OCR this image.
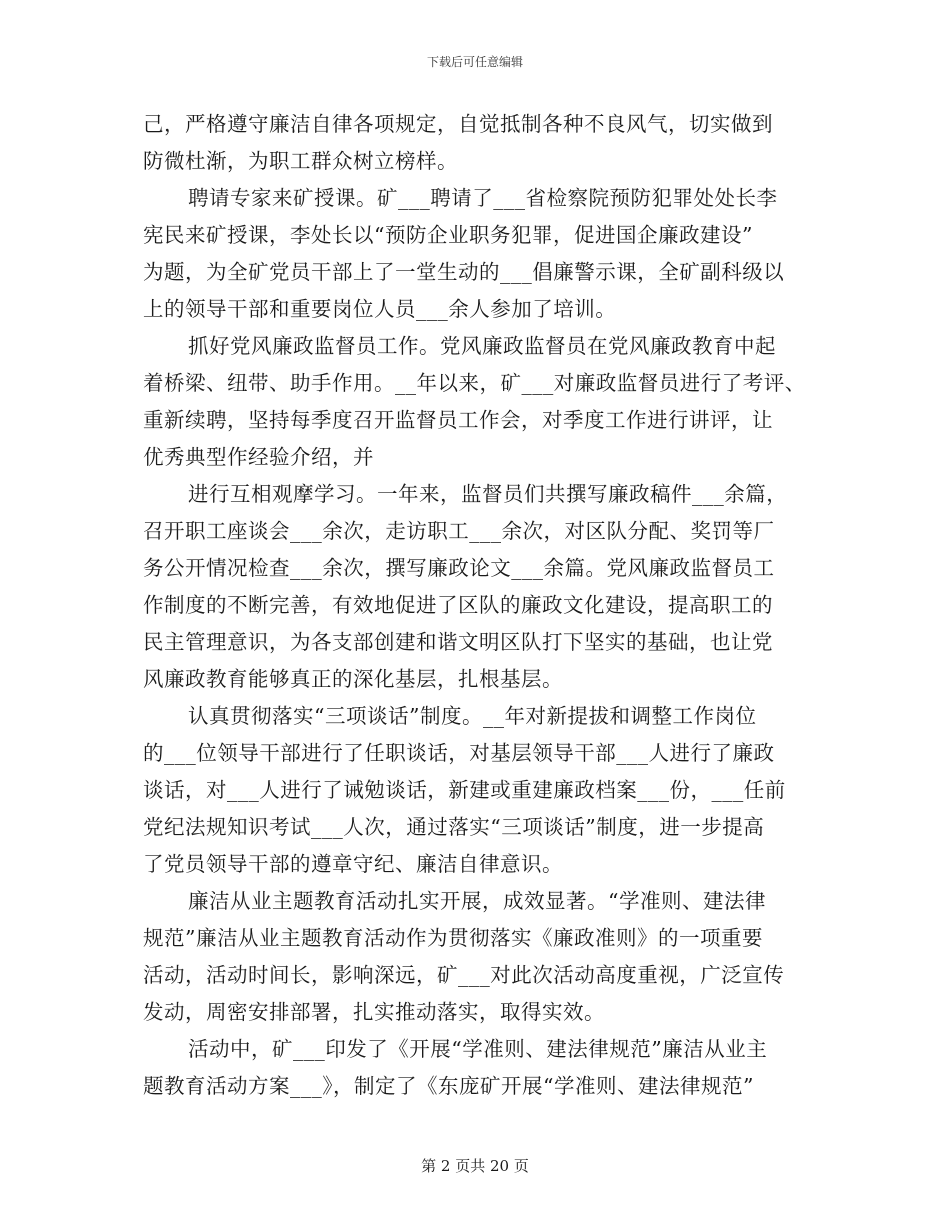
下载后可任意编辑
己，严格遵守廉洁自律各项规定，自觉抵制各种不良风气，切实做到
防微杜渐，为职工群众树立榜样。
聘请专家来矿授课。矿___聘请了___省检察院预防犯罪处处长李
宪民来矿授课，李处长以“预防企业职务犯罪，促进国企廉政建设”
为题，为全矿党员干部上了一堂生动的___倡廉警示课，全矿副科级以
上的领导干部和重要岗位人员___余人参加了培训。
抓好党风廉政监督员工作。党风廉政监督员在党风廉政教育中起
着桥梁、纽带、助手作用。__年以来，矿___对廉政监督员进行了考评、
重新续聘，坚持每季度召开监督员工作会，对季度工作进行讲评，让
优秀典型作经验介绍，并
进行互相观摩学习。一年来，监督员们共撰写廉政稿件___余篇，
召开职工座谈会___余次，走访职工___余次，对区队分配、奖罚等厂
务公开情况检查___余次，撰写廉政论文___余篇。党风廉政监督员工
作制度的不断完善，有效地促进了区队的廉政文化建设，提高职工的
民主管理意识，为各支部创建和谐文明区队打下坚实的基础，也让党
风廉政教育能够真正的深化基层，扎根基层。
认真贯彻落实“三项谈话”制度。__年对新提拔和调整工作岗位
的___位领导干部进行了任职谈话，对基层领导干部___人进行了廉政
谈话，对___人进行了诫勉谈话，新建或重建廉政档案___份，___任前
党纪法规知识考试___人次，通过落实“三项谈话”制度，进一步提高
了党员领导干部的遵章守纪、廉洁自律意识。
廉洁从业主题教育活动扎实开展，成效显著。“学准则、建法律
规范”廉洁从业主题教育活动作为贯彻落实《廉政准则》的一项重要
活动，活动时间长，影响深远，矿___对此次活动高度重视，广泛宣传
发动，周密安排部署，扎实推动落实，取得实效。
活动中，矿___印发了《开展“学准则、建法律规范”廉洁从业主
题教育活动方案___》，制定了《东庞矿开展“学准则、建法律规范”
第 2 页共 20 页
